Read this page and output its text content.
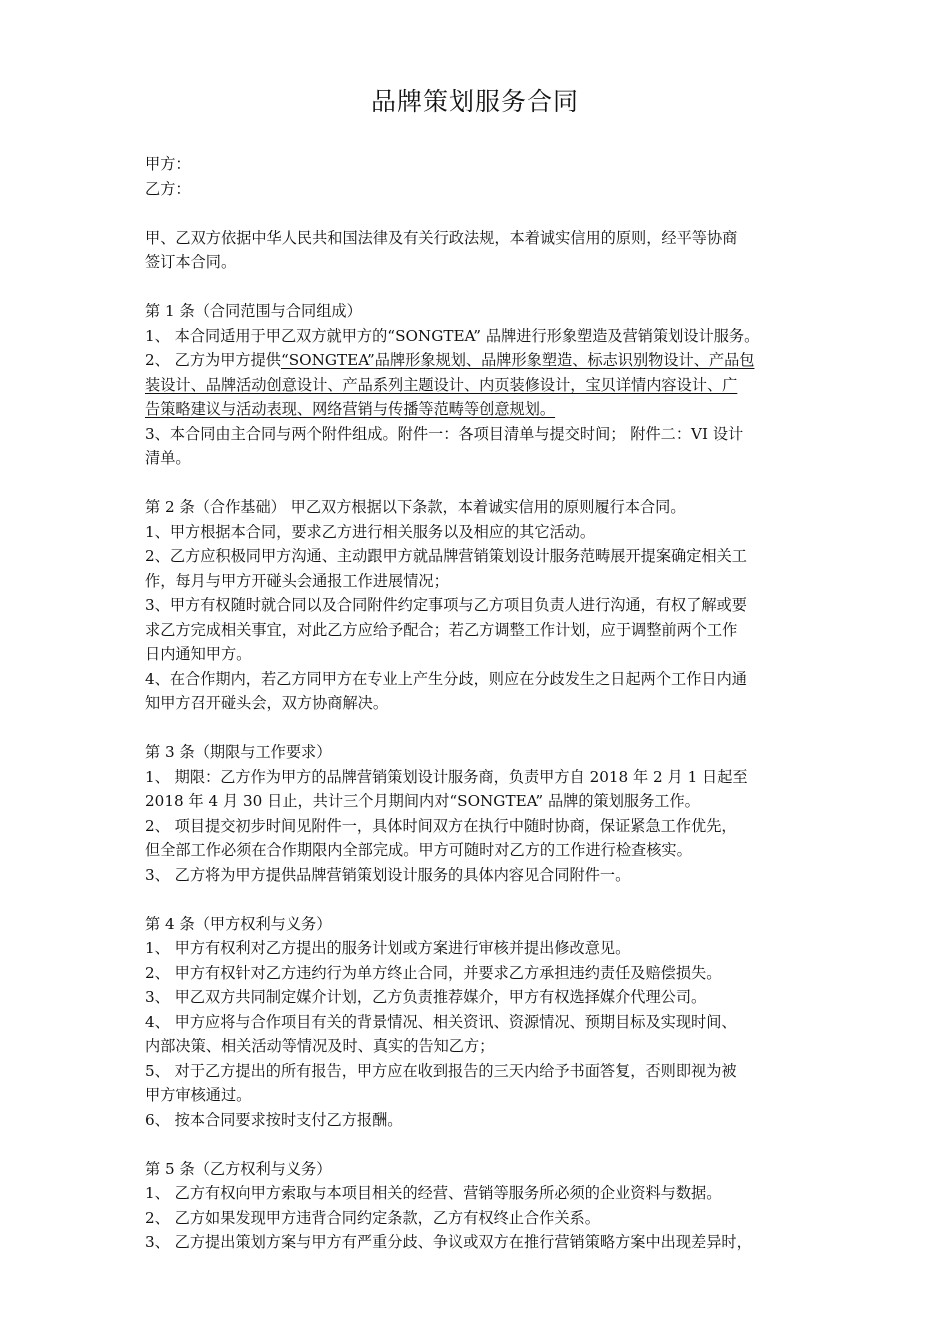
品牌策划服务合同
甲方：
乙方：
甲、乙双方依据中华人民共和国法律及有关行政法规，本着诚实信用的原则，经平等协商
签订本合同。
第 1 条（合同范围与合同组成）
1、 本合同适用于甲乙双方就甲方的“SONGTEA” 品牌进行形象塑造及营销策划设计服务。
2、 乙方为甲方提供“SONGTEA”品牌形象规划、品牌形象塑造、标志识别物设计、产品包
装设计、品牌活动创意设计、产品系列主题设计、内页装修设计，宝贝详情内容设计、广
告策略建议与活动表现、网络营销与传播等范畴等创意规划。
3、本合同由主合同与两个附件组成。附件一：各项目清单与提交时间； 附件二：VI 设计
清单。
第 2 条（合作基础） 甲乙双方根据以下条款，本着诚实信用的原则履行本合同。
1、甲方根据本合同，要求乙方进行相关服务以及相应的其它活动。
2、乙方应积极同甲方沟通、主动跟甲方就品牌营销策划设计服务范畴展开提案确定相关工
作，每月与甲方开碰头会通报工作进展情况；
3、甲方有权随时就合同以及合同附件约定事项与乙方项目负责人进行沟通，有权了解或要
求乙方完成相关事宜，对此乙方应给予配合；若乙方调整工作计划，应于调整前两个工作
日内通知甲方。
4、在合作期内，若乙方同甲方在专业上产生分歧，则应在分歧发生之日起两个工作日内通
知甲方召开碰头会，双方协商解决。
第 3 条（期限与工作要求）
1、 期限：乙方作为甲方的品牌营销策划设计服务商，负责甲方自 2018 年 2 月 1 日起至
2018 年 4 月 30 日止，共计三个月期间内对“SONGTEA” 品牌的策划服务工作。
2、 项目提交初步时间见附件一，具体时间双方在执行中随时协商，保证紧急工作优先，
但全部工作必须在合作期限内全部完成。甲方可随时对乙方的工作进行检查核实。
3、 乙方将为甲方提供品牌营销策划设计服务的具体内容见合同附件一。
第 4 条（甲方权利与义务）
1、 甲方有权利对乙方提出的服务计划或方案进行审核并提出修改意见。
2、 甲方有权针对乙方违约行为单方终止合同，并要求乙方承担违约责任及赔偿损失。
3、 甲乙双方共同制定媒介计划，乙方负责推荐媒介，甲方有权选择媒介代理公司。
4、 甲方应将与合作项目有关的背景情况、相关资讯、资源情况、预期目标及实现时间、
内部决策、相关活动等情况及时、真实的告知乙方；
5、 对于乙方提出的所有报告，甲方应在收到报告的三天内给予书面答复，否则即视为被
甲方审核通过。
6、 按本合同要求按时支付乙方报酬。
第 5 条（乙方权利与义务）
1、 乙方有权向甲方索取与本项目相关的经营、营销等服务所必须的企业资料与数据。
2、 乙方如果发现甲方违背合同约定条款，乙方有权终止合作关系。
3、 乙方提出策划方案与甲方有严重分歧、争议或双方在推行营销策略方案中出现差异时，
